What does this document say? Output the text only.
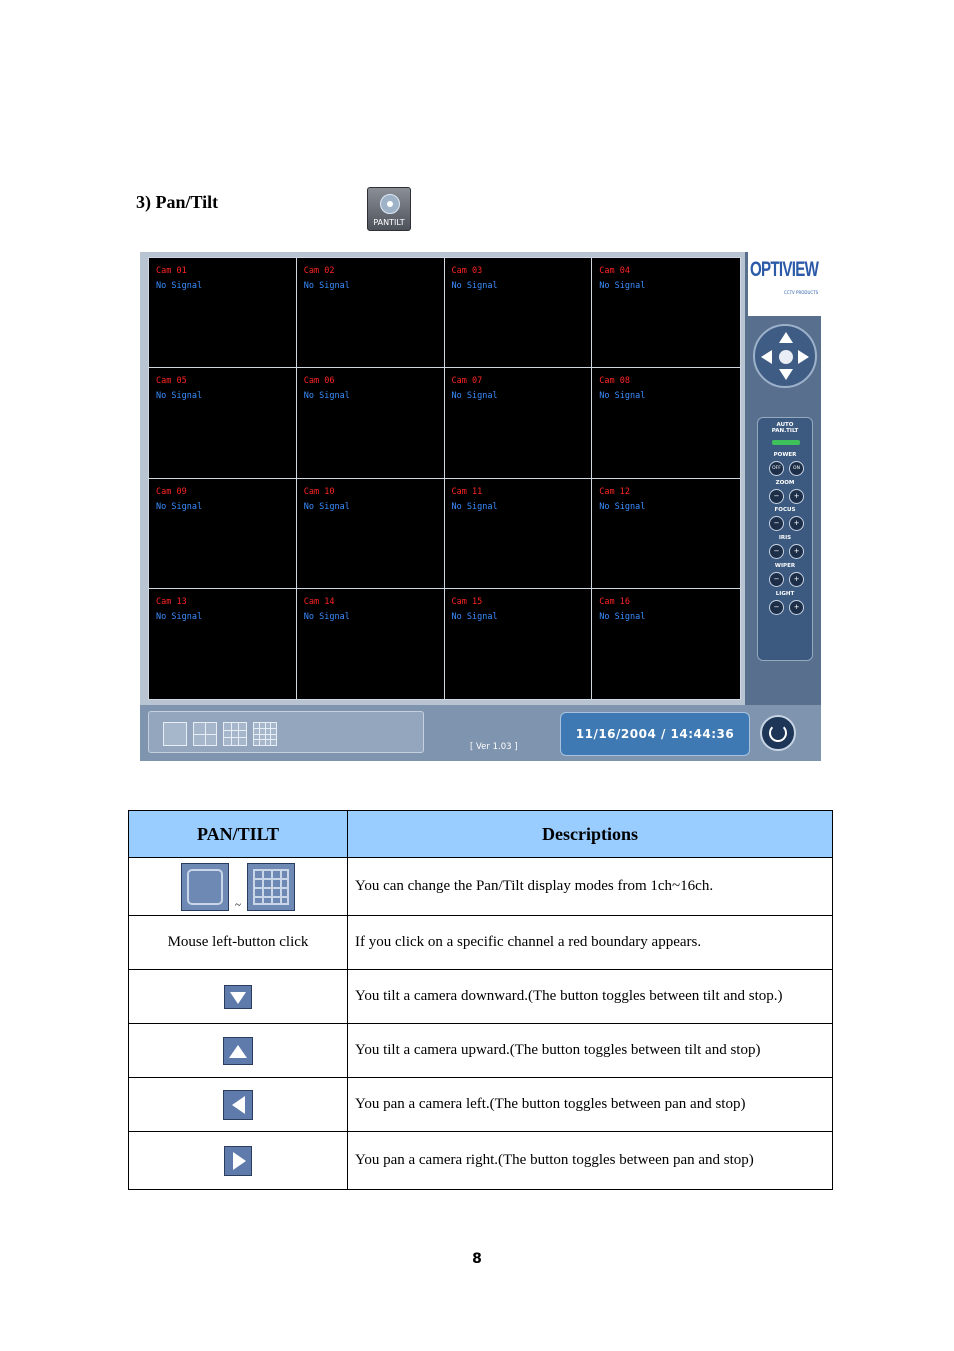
3) Pan/Tilt
PANTILT
Cam 01
No Signal
Cam 02
No Signal
Cam 03
No Signal
Cam 04
No Signal
Cam 05
No Signal
Cam 06
No Signal
Cam 07
No Signal
Cam 08
No Signal
Cam 09
No Signal
Cam 10
No Signal
Cam 11
No Signal
Cam 12
No Signal
Cam 13
No Signal
Cam 14
No Signal
Cam 15
No Signal
Cam 16
No Signal
OPTIVIEW
CCTV PRODUCTS
AUTO PAN.TILT
POWER
OFF	ON
ZOOM
−	+
FOCUS
−	+
IRIS
−	+
WIPER
−	+
LIGHT
−	+
[ Ver 1.03 ]
11/16/2004 / 14:44:36
PAN/TILT	Descriptions
~	You can change the Pan/Tilt display modes from 1ch~16ch.
Mouse left-button click	If you click on a specific channel a red boundary appears.

	You tilt a camera downward.(The button toggles between tilt and stop.)

	You tilt a camera upward.(The button toggles between tilt and stop)

	You pan a camera left.(The button toggles between pan and stop)

	You pan a camera right.(The button toggles between pan and stop)
8
